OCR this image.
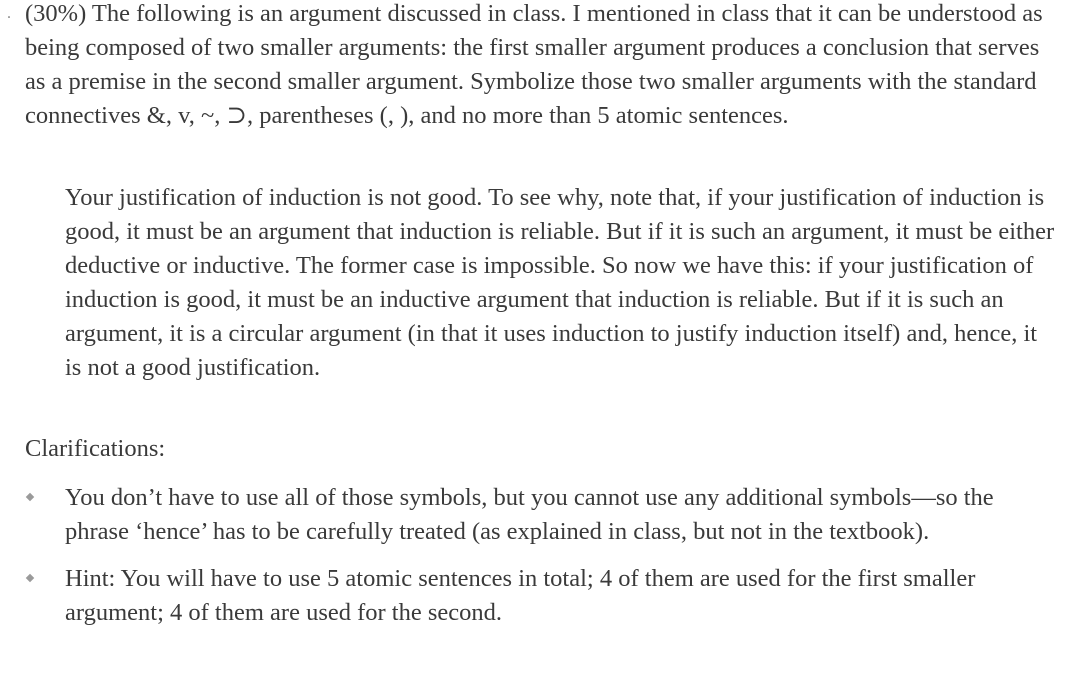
. (30%) The following is an argument discussed in class. I mentioned in class that it can be understood as being composed of two smaller arguments: the first smaller argument produces a conclusion that serves as a premise in the second smaller argument. Symbolize those two smaller arguments with the standard connectives &, v, ~, ⊃, parentheses (, ), and no more than 5 atomic sentences.

Your justification of induction is not good. To see why, note that, if your justification of induction is good, it must be an argument that induction is reliable. But if it is such an argument, it must be either deductive or inductive. The former case is impossible. So now we have this: if your justification of induction is good, it must be an inductive argument that induction is reliable. But if it is such an argument, it is a circular argument (in that it uses induction to justify induction itself) and, hence, it is not a good justification.

Clarifications:

You don’t have to use all of those symbols, but you cannot use any additional symbols—so the phrase ‘hence’ has to be carefully treated (as explained in class, but not in the textbook).
Hint: You will have to use 5 atomic sentences in total; 4 of them are used for the first smaller argument; 4 of them are used for the second.
